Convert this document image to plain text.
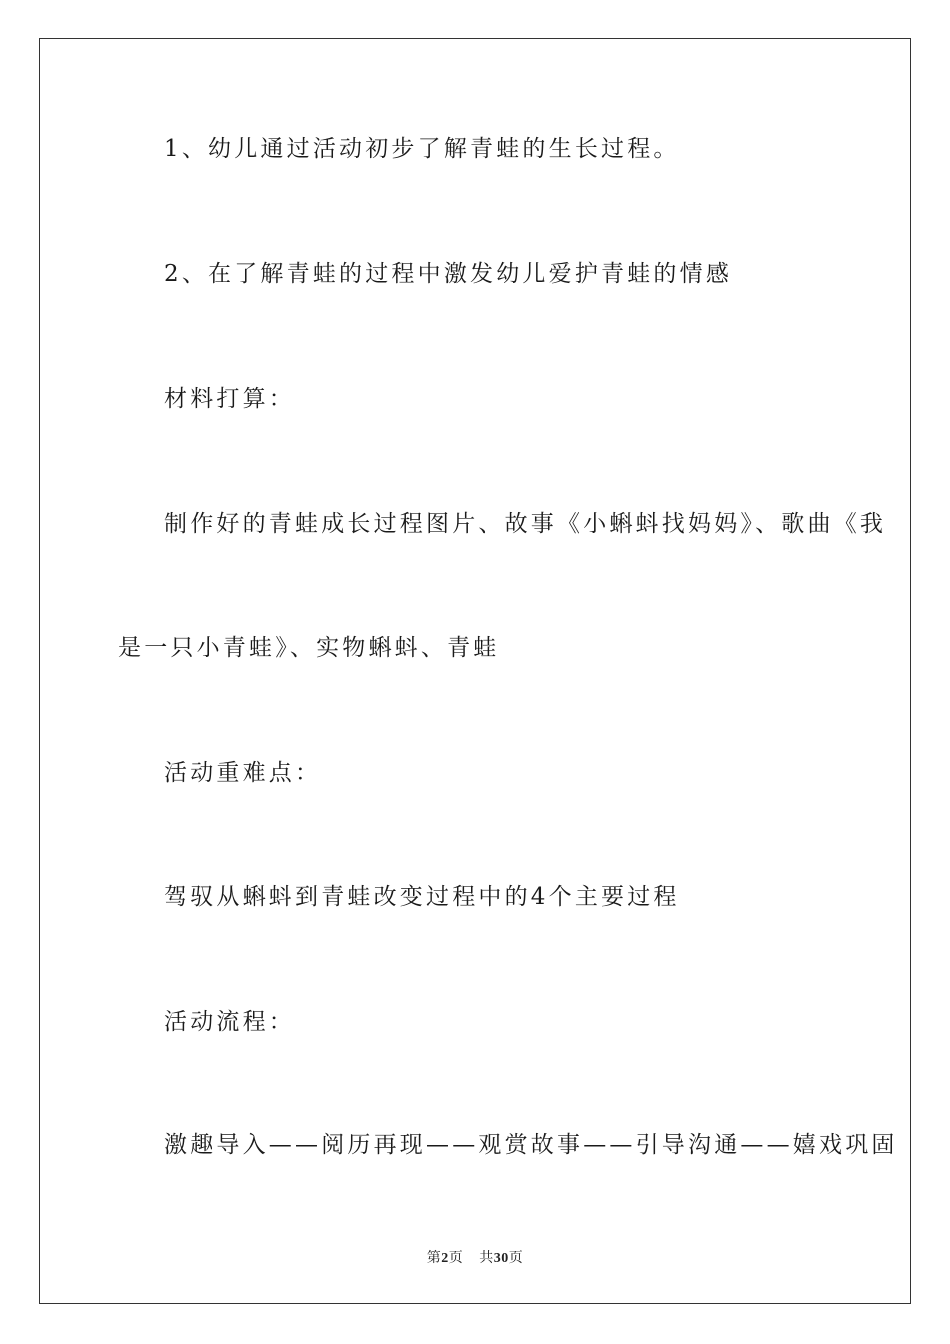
1、幼儿通过活动初步了解青蛙的生长过程。
2、在了解青蛙的过程中激发幼儿爱护青蛙的情感
材料打算：
制作好的青蛙成长过程图片、故事《小蝌蚪找妈妈》、歌曲《我
是一只小青蛙》、实物蝌蚪、青蛙
活动重难点：
驾驭从蝌蚪到青蛙改变过程中的4个主要过程
活动流程：
激趣导入——阅历再现——观赏故事——引导沟通——嬉戏巩固
第2页 共30页
